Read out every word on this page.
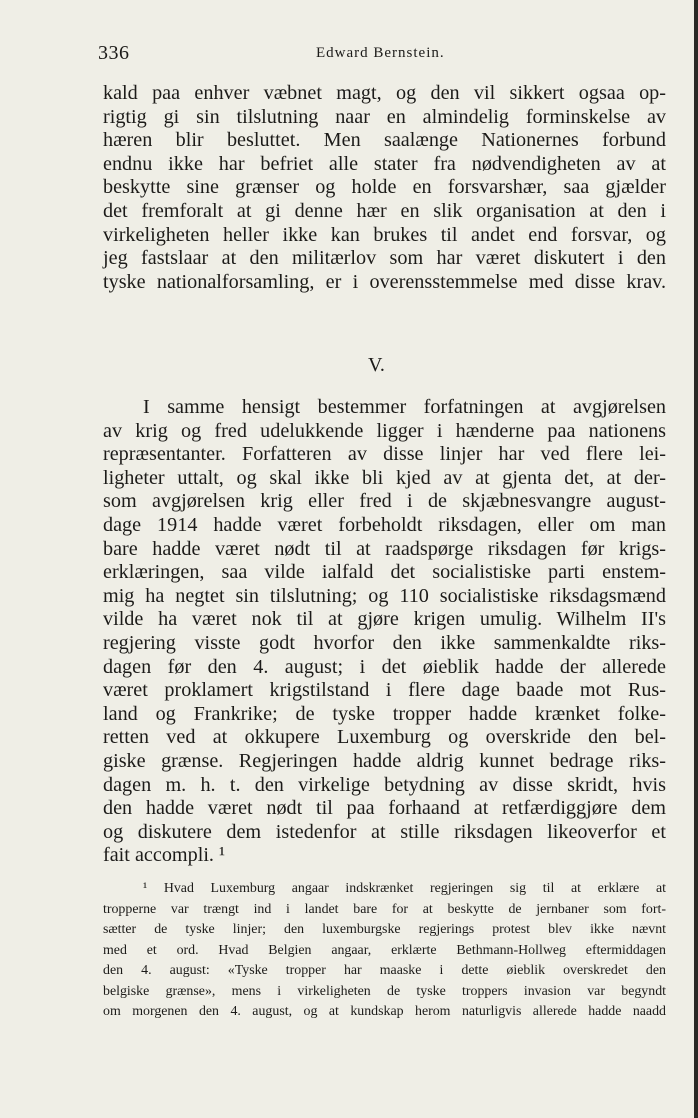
336	Edward Bernstein.
kald paa enhver væbnet magt, og den vil sikkert ogsaa op-
rigtig gi sin tilslutning naar en almindelig forminskelse av
hæren blir besluttet. Men saalænge Nationernes forbund
endnu ikke har befriet alle stater fra nødvendigheten av at
beskytte sine grænser og holde en forsvarshær, saa gjælder
det fremforalt at gi denne hær en slik organisation at den i
virkeligheten heller ikke kan brukes til andet end forsvar, og
jeg fastslaar at den militærlov som har været diskutert i den
tyske nationalforsamling, er i overensstemmelse med disse krav.
V.
I samme hensigt bestemmer forfatningen at avgjørelsen
av krig og fred udelukkende ligger i hænderne paa nationens
repræsentanter. Forfatteren av disse linjer har ved flere lei-
ligheter uttalt, og skal ikke bli kjed av at gjenta det, at der-
som avgjørelsen krig eller fred i de skjæbnesvangre august-
dage 1914 hadde været forbeholdt riksdagen, eller om man
bare hadde været nødt til at raadspørge riksdagen før krigs-
erklæringen, saa vilde ialfald det socialistiske parti enstem-
mig ha negtet sin tilslutning; og 110 socialistiske riksdagsmænd
vilde ha været nok til at gjøre krigen umulig. Wilhelm II's
regjering visste godt hvorfor den ikke sammenkaldte riks-
dagen før den 4. august; i det øieblik hadde der allerede
været proklamert krigstilstand i flere dage baade mot Rus-
land og Frankrike; de tyske tropper hadde krænket folke-
retten ved at okkupere Luxemburg og overskride den bel-
giske grænse. Regjeringen hadde aldrig kunnet bedrage riks-
dagen m. h. t. den virkelige betydning av disse skridt, hvis
den hadde været nødt til paa forhaand at retfærdiggjøre dem
og diskutere dem istedenfor at stille riksdagen likeoverfor et
fait accompli. ¹
¹ Hvad Luxemburg angaar indskrænket regjeringen sig til at erklære at
tropperne var trængt ind i landet bare for at beskytte de jernbaner som fort-
sætter de tyske linjer; den luxemburgske regjerings protest blev ikke nævnt
med et ord. Hvad Belgien angaar, erklærte Bethmann-Hollweg eftermiddagen
den 4. august: «Tyske tropper har maaske i dette øieblik overskredet den
belgiske grænse», mens i virkeligheten de tyske troppers invasion var begyndt
om morgenen den 4. august, og at kundskap herom naturligvis allerede hadde naadd
